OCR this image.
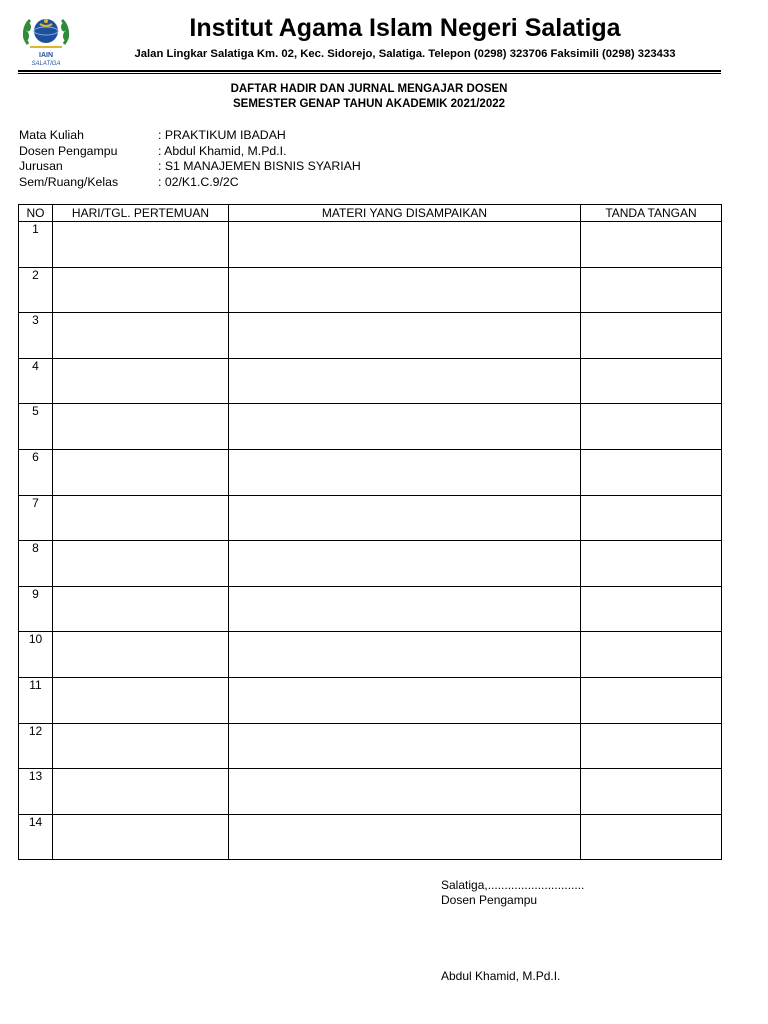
IAIN
SALATIGA
Institut Agama Islam Negeri Salatiga
Jalan Lingkar Salatiga Km. 02, Kec. Sidorejo, Salatiga. Telepon (0298) 323706 Faksimili (0298) 323433
DAFTAR HADIR DAN JURNAL MENGAJAR DOSEN
SEMESTER GENAP TAHUN AKADEMIK 2021/2022
Mata Kuliah	: PRAKTIKUM IBADAH
Dosen Pengampu	: Abdul Khamid, M.Pd.I.
Jurusan	: S1 MANAJEMEN BISNIS SYARIAH
Sem/Ruang/Kelas	: 02/K1.C.9/2C
NO	HARI/TGL. PERTEMUAN	MATERI YANG DISAMPAIKAN	TANDA TANGAN
1			
2			
3			
4			
5			
6			
7			
8			
9			
10			
11			
12			
13			
14			
Salatiga,.............................
Dosen Pengampu
Abdul Khamid, M.Pd.I.
